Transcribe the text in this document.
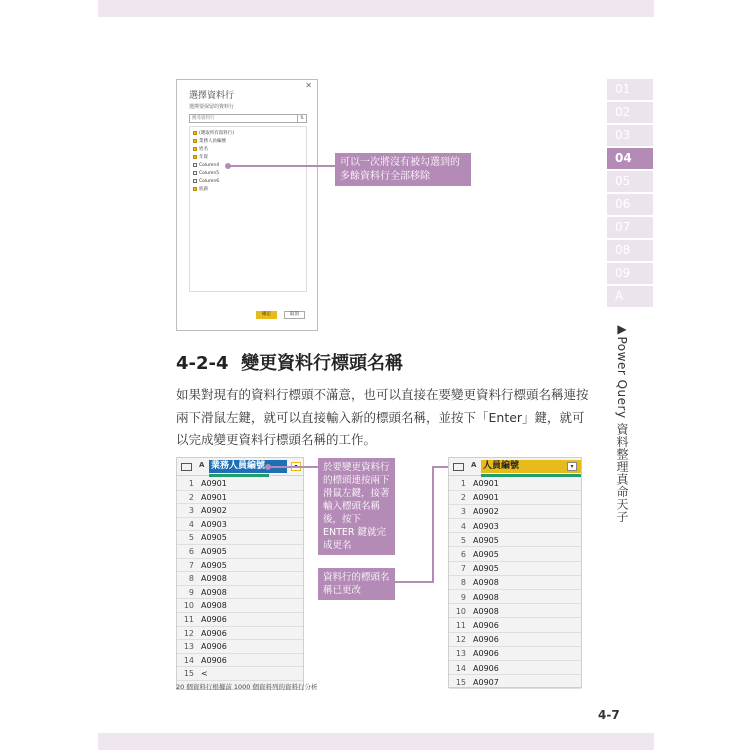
01
02
03
04
05
06
07
08
09
A
▶Power Query 資料整理真命天子
4-7
✕
選擇資料行
選擇要保留的資料行
搜尋資料行	⇅
(選取所有資料行)
業務人員編號
姓名
年資
Column4
Column5
Column6
底薪
確定	取消
可以一次將沒有被勾選到的多餘資料行全部移除
4-2-4 變更資料行標頭名稱
如果對現有的資料行標頭不滿意，也可以直接在要變更資料行標頭名稱連按兩下滑鼠左鍵，就可以直接輸入新的標頭名稱，並按下「Enter」鍵，就可以完成變更資料行標頭名稱的工作。
A 業務人員編號
1 A0901
2 A0901
3 A0902
4 A0903
5 A0905
6 A0905
7 A0905
8 A0908
9 A0908
10 A0908
11 A0906
12 A0906
13 A0906
14 A0906
15 <
20 個資料行根據前 1000 個資料列的資料行分析
於要變更資料行的標頭連按兩下滑鼠左鍵，接著輸入標頭名稱後，按下 ENTER 鍵就完成更名
資料行的標頭名稱已更改
A 人員編號	▾
1 A0901
2 A0901
3 A0902
4 A0903
5 A0905
6 A0905
7 A0905
8 A0908
9 A0908
10 A0908
11 A0906
12 A0906
13 A0906
14 A0906
15 A0907
